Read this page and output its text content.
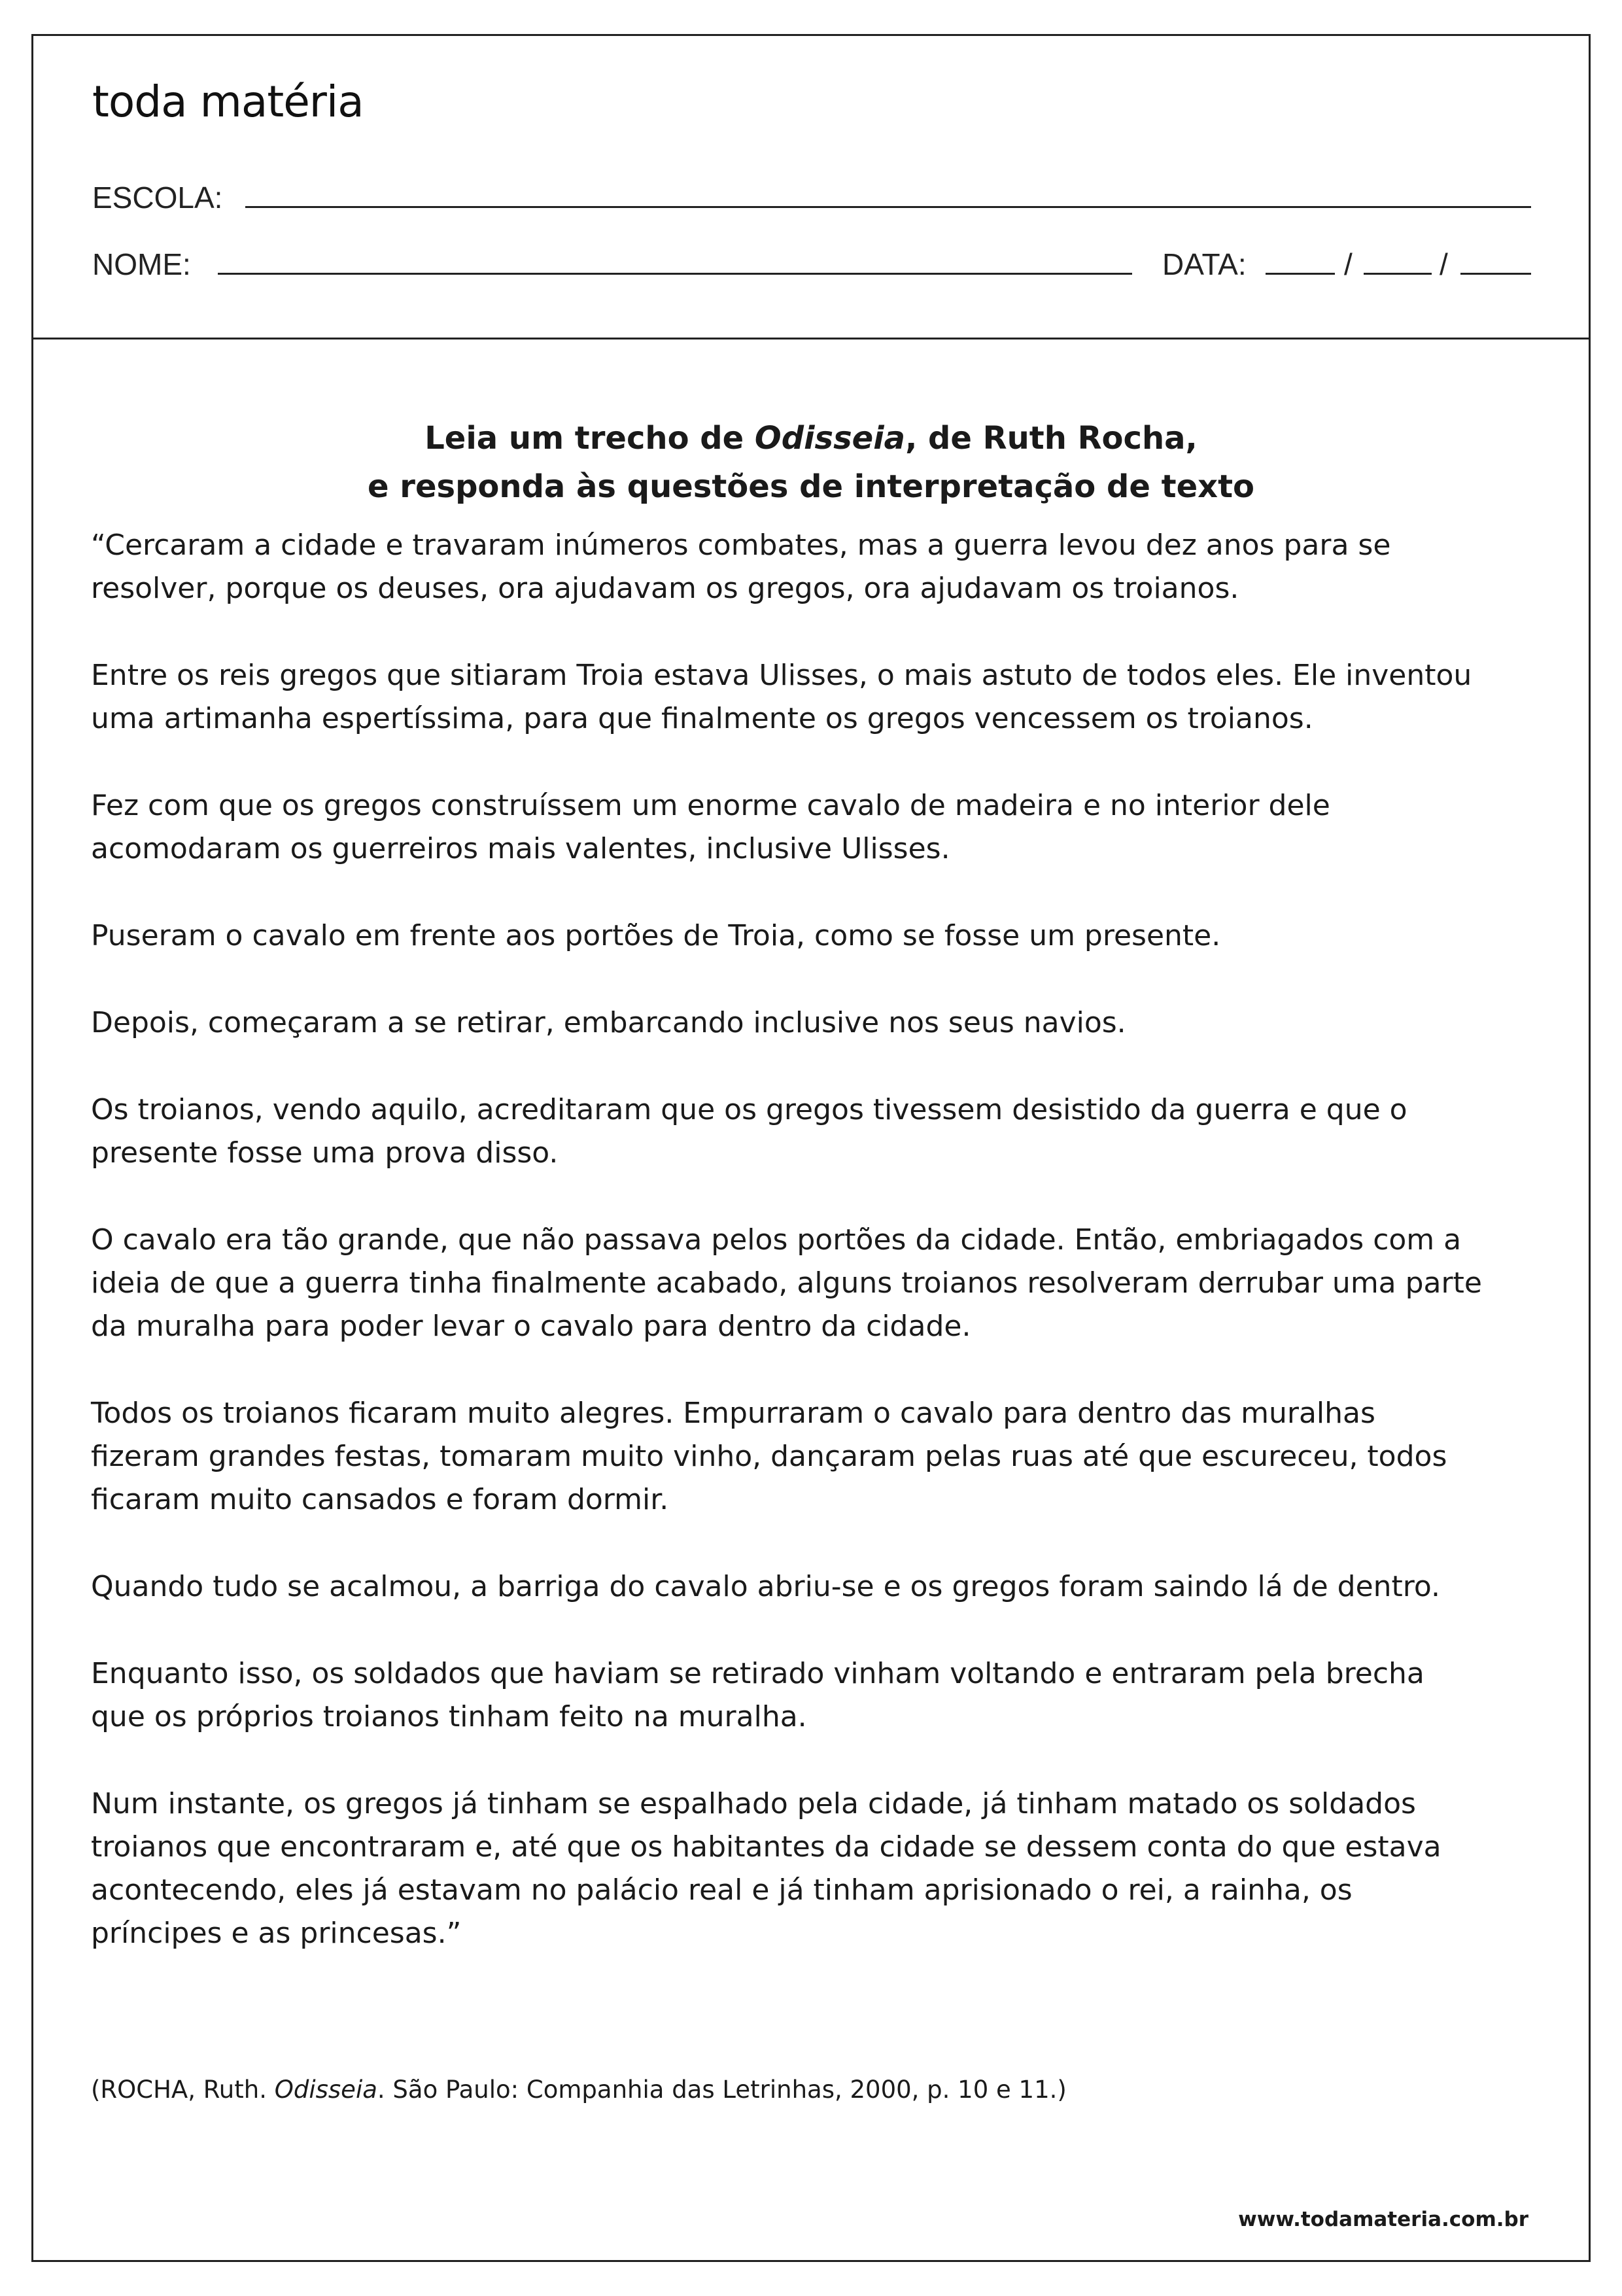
toda matéria
ESCOLA:
NOME:	DATA:	/	/
Leia um trecho de Odisseia, de Ruth Rocha,
e responda às questões de interpretação de texto

“Cercaram a cidade e travaram inúmeros combates, mas a guerra levou dez anos para se
resolver, porque os deuses, ora ajudavam os gregos, ora ajudavam os troianos.

Entre os reis gregos que sitiaram Troia estava Ulisses, o mais astuto de todos eles. Ele inventou
uma artimanha espertíssima, para que finalmente os gregos vencessem os troianos.

Fez com que os gregos construíssem um enorme cavalo de madeira e no interior dele
acomodaram os guerreiros mais valentes, inclusive Ulisses.

Puseram o cavalo em frente aos portões de Troia, como se fosse um presente.

Depois, começaram a se retirar, embarcando inclusive nos seus navios.

Os troianos, vendo aquilo, acreditaram que os gregos tivessem desistido da guerra e que o
presente fosse uma prova disso.

O cavalo era tão grande, que não passava pelos portões da cidade. Então, embriagados com a
ideia de que a guerra tinha finalmente acabado, alguns troianos resolveram derrubar uma parte
da muralha para poder levar o cavalo para dentro da cidade.

Todos os troianos ficaram muito alegres. Empurraram o cavalo para dentro das muralhas
fizeram grandes festas, tomaram muito vinho, dançaram pelas ruas até que escureceu, todos
ficaram muito cansados e foram dormir.

Quando tudo se acalmou, a barriga do cavalo abriu-se e os gregos foram saindo lá de dentro.

Enquanto isso, os soldados que haviam se retirado vinham voltando e entraram pela brecha
que os próprios troianos tinham feito na muralha.

Num instante, os gregos já tinham se espalhado pela cidade, já tinham matado os soldados
troianos que encontraram e, até que os habitantes da cidade se dessem conta do que estava
acontecendo, eles já estavam no palácio real e já tinham aprisionado o rei, a rainha, os
príncipes e as princesas.”

(ROCHA, Ruth. Odisseia. São Paulo: Companhia das Letrinhas, 2000, p. 10 e 11.)
www.todamateria.com.br
